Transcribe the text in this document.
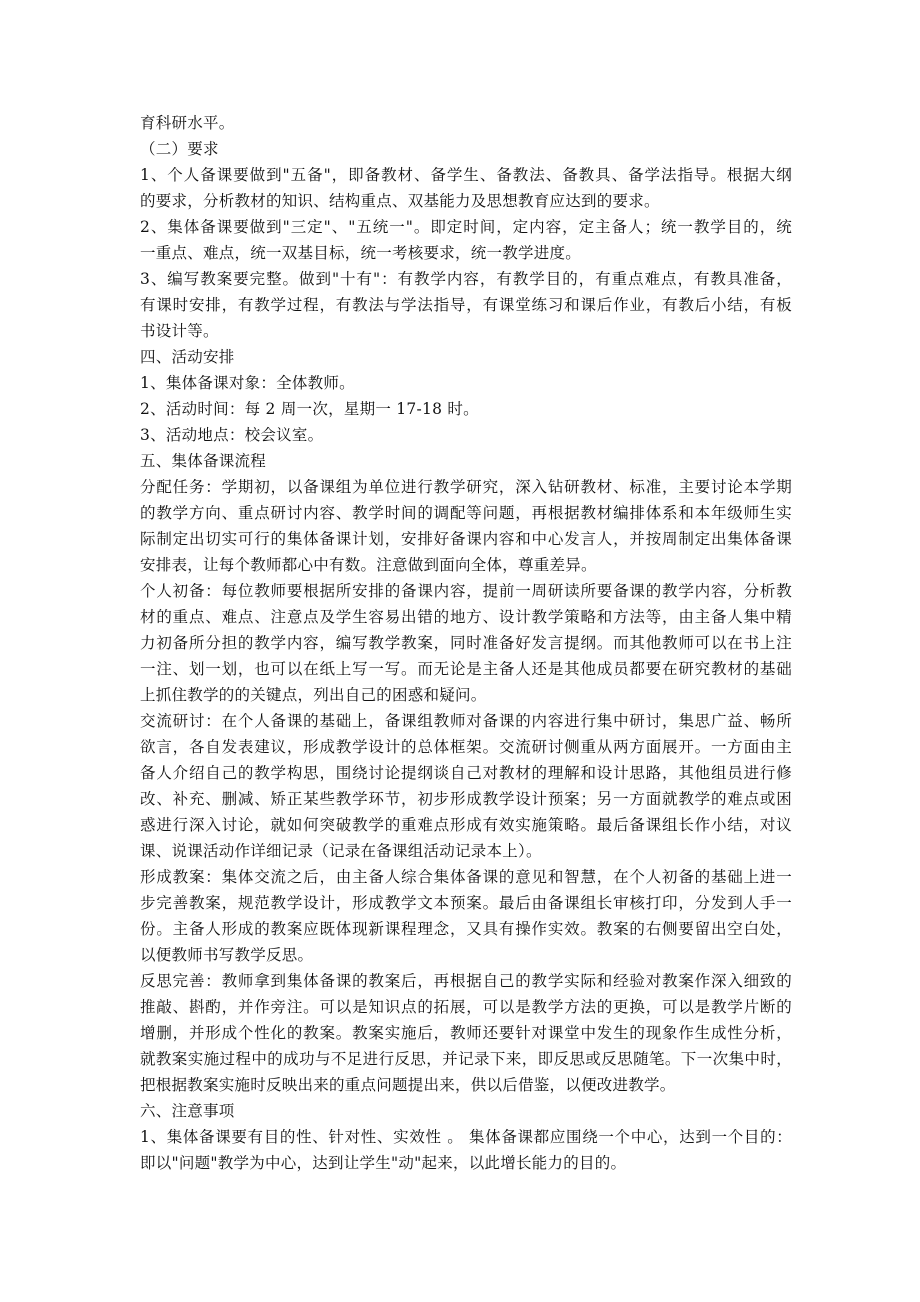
育科研水平。

（二）要求

1、个人备课要做到"五备"，即备教材、备学生、备教法、备教具、备学法指导。根据大纲

的要求，分析教材的知识、结构重点、双基能力及思想教育应达到的要求。

2、集体备课要做到"三定"、"五统一"。即定时间，定内容，定主备人；统一教学目的，统

一重点、难点，统一双基目标，统一考核要求，统一教学进度。

3、编写教案要完整。做到"十有"：有教学内容，有教学目的，有重点难点，有教具准备，

有课时安排，有教学过程，有教法与学法指导，有课堂练习和课后作业，有教后小结，有板

书设计等。

四、活动安排

1、集体备课对象：全体教师。

2、活动时间：每 2 周一次，星期一 17-18 时。

3、活动地点：校会议室。

五、集体备课流程

分配任务：学期初，以备课组为单位进行教学研究，深入钻研教材、标准，主要讨论本学期

的教学方向、重点研讨内容、教学时间的调配等问题，再根据教材编排体系和本年级师生实

际制定出切实可行的集体备课计划，安排好备课内容和中心发言人，并按周制定出集体备课

安排表，让每个教师都心中有数。注意做到面向全体，尊重差异。

个人初备：每位教师要根据所安排的备课内容，提前一周研读所要备课的教学内容，分析教

材的重点、难点、注意点及学生容易出错的地方、设计教学策略和方法等，由主备人集中精

力初备所分担的教学内容，编写教学教案，同时准备好发言提纲。而其他教师可以在书上注

一注、划一划，也可以在纸上写一写。而无论是主备人还是其他成员都要在研究教材的基础

上抓住教学的的关键点，列出自己的困惑和疑问。

交流研讨：在个人备课的基础上，备课组教师对备课的内容进行集中研讨，集思广益、畅所

欲言，各自发表建议，形成教学设计的总体框架。交流研讨侧重从两方面展开。一方面由主

备人介绍自己的教学构思，围绕讨论提纲谈自己对教材的理解和设计思路，其他组员进行修

改、补充、删减、矫正某些教学环节，初步形成教学设计预案；另一方面就教学的难点或困

惑进行深入讨论，就如何突破教学的重难点形成有效实施策略。最后备课组长作小结，对议

课、说课活动作详细记录（记录在备课组活动记录本上）。

形成教案：集体交流之后，由主备人综合集体备课的意见和智慧，在个人初备的基础上进一

步完善教案，规范教学设计，形成教学文本预案。最后由备课组长审核打印，分发到人手一

份。主备人形成的教案应既体现新课程理念，又具有操作实效。教案的右侧要留出空白处，

以便教师书写教学反思。

反思完善：教师拿到集体备课的教案后，再根据自己的教学实际和经验对教案作深入细致的

推敲、斟酌，并作旁注。可以是知识点的拓展，可以是教学方法的更换，可以是教学片断的

增删，并形成个性化的教案。教案实施后，教师还要针对课堂中发生的现象作生成性分析，

就教案实施过程中的成功与不足进行反思，并记录下来，即反思或反思随笔。下一次集中时，

把根据教案实施时反映出来的重点问题提出来，供以后借鉴，以便改进教学。

六、注意事项

1、集体备课要有目的性、针对性、实效性 。 集体备课都应围绕一个中心，达到一个目的：

即以"问题"教学为中心，达到让学生"动"起来，以此增长能力的目的。
